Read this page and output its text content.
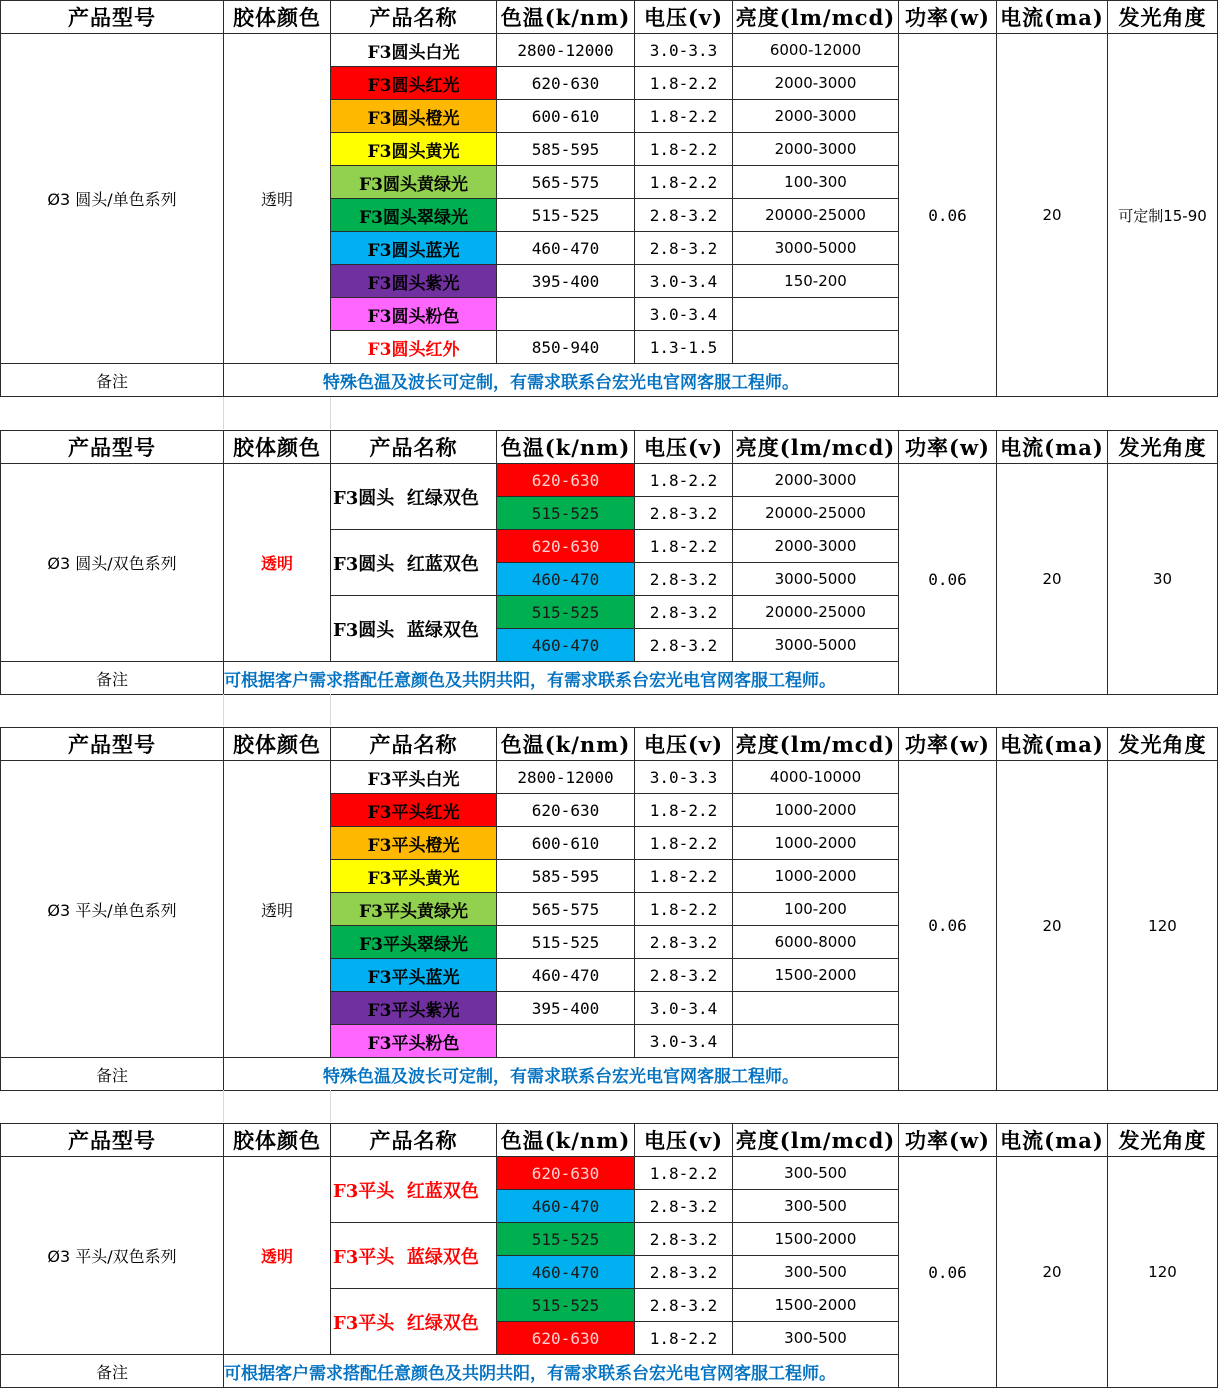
产品型号	胶体颜色	产品名称	色温(k/nm)	电压(v)	亮度(lm/mcd)	功率(w)	电流(ma)	发光角度
Ø3 圆头/单色系列	透明	F3圆头白光	2800-12000	3.0-3.3	6000-12000	0.06	20	可定制15-90
		F3圆头红光	620-630	1.8-2.2	2000-3000			
		F3圆头橙光	600-610	1.8-2.2	2000-3000			
		F3圆头黄光	585-595	1.8-2.2	2000-3000			
		F3圆头黄绿光	565-575	1.8-2.2	100-300			
		F3圆头翠绿光	515-525	2.8-3.2	20000-25000			
		F3圆头蓝光	460-470	2.8-3.2	3000-5000			
		F3圆头紫光	395-400	3.0-3.4	150-200			
		F3圆头粉色		3.0-3.4				
		F3圆头红外	850-940	1.3-1.5				
备注	特殊色温及波长可定制，有需求联系台宏光电官网客服工程师。							
产品型号	胶体颜色	产品名称	色温(k/nm)	电压(v)	亮度(lm/mcd)	功率(w)	电流(ma)	发光角度
Ø3 圆头/双色系列	透明	F3圆头  红绿双色	620-630	1.8-2.2	2000-3000	0.06	20	30
			515-525	2.8-3.2	20000-25000			
		F3圆头  红蓝双色	620-630	1.8-2.2	2000-3000			
			460-470	2.8-3.2	3000-5000			
		F3圆头  蓝绿双色	515-525	2.8-3.2	20000-25000			
			460-470	2.8-3.2	3000-5000			
备注	可根据客户需求搭配任意颜色及共阴共阳，有需求联系台宏光电官网客服工程师。							
产品型号	胶体颜色	产品名称	色温(k/nm)	电压(v)	亮度(lm/mcd)	功率(w)	电流(ma)	发光角度
Ø3 平头/单色系列	透明	F3平头白光	2800-12000	3.0-3.3	4000-10000	0.06	20	120
		F3平头红光	620-630	1.8-2.2	1000-2000			
		F3平头橙光	600-610	1.8-2.2	1000-2000			
		F3平头黄光	585-595	1.8-2.2	1000-2000			
		F3平头黄绿光	565-575	1.8-2.2	100-200			
		F3平头翠绿光	515-525	2.8-3.2	6000-8000			
		F3平头蓝光	460-470	2.8-3.2	1500-2000			
		F3平头紫光	395-400	3.0-3.4				
		F3平头粉色		3.0-3.4				
备注	特殊色温及波长可定制，有需求联系台宏光电官网客服工程师。							
产品型号	胶体颜色	产品名称	色温(k/nm)	电压(v)	亮度(lm/mcd)	功率(w)	电流(ma)	发光角度
Ø3 平头/双色系列	透明	F3平头  红蓝双色	620-630	1.8-2.2	300-500	0.06	20	120
			460-470	2.8-3.2	300-500			
		F3平头  蓝绿双色	515-525	2.8-3.2	1500-2000			
			460-470	2.8-3.2	300-500			
		F3平头  红绿双色	515-525	2.8-3.2	1500-2000			
			620-630	1.8-2.2	300-500			
备注	可根据客户需求搭配任意颜色及共阴共阳，有需求联系台宏光电官网客服工程师。							
